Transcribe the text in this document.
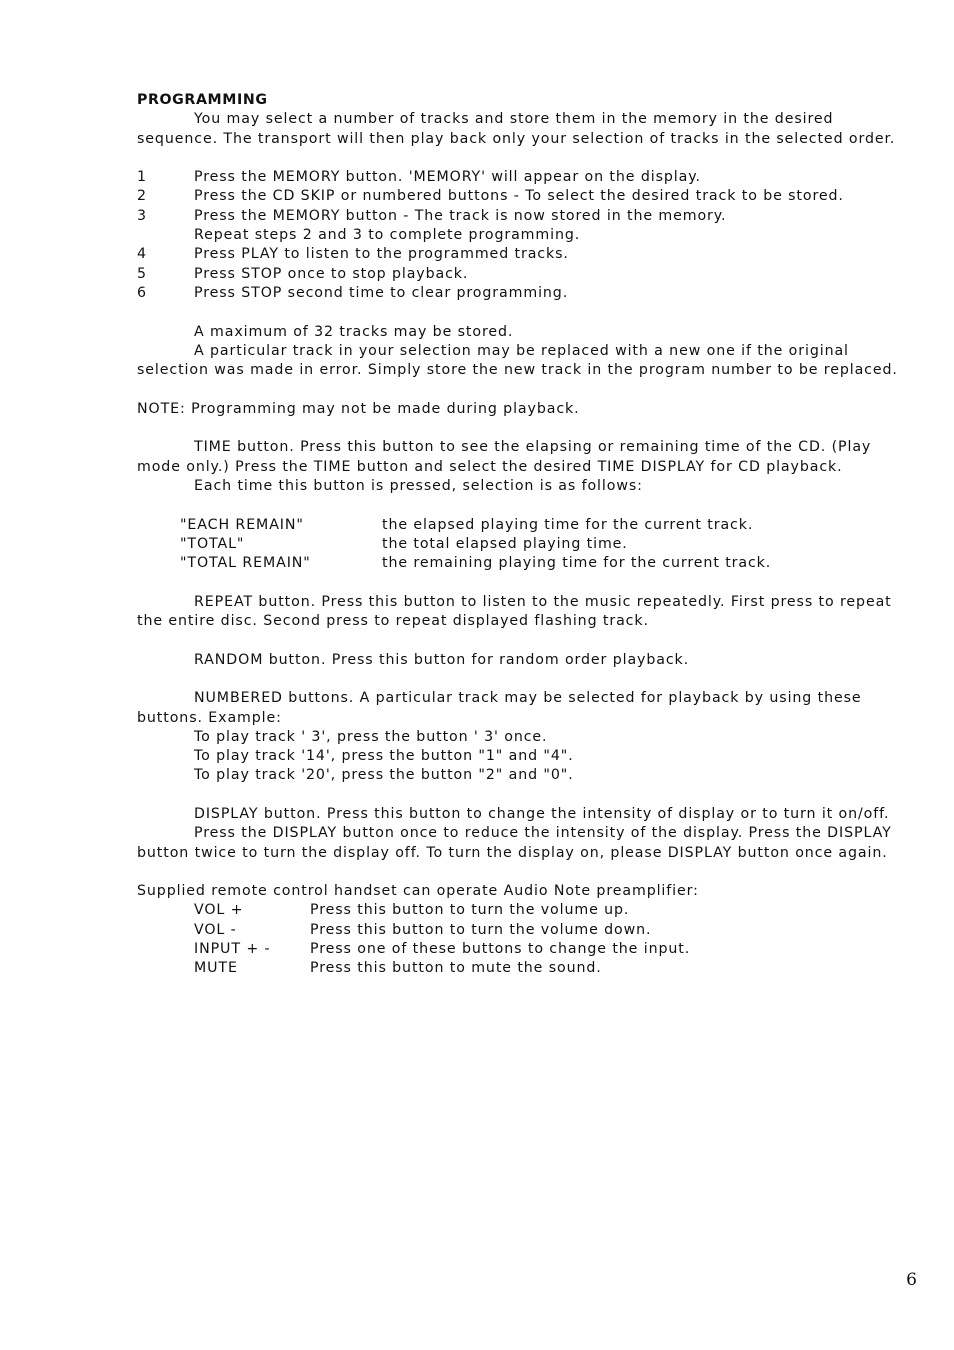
PROGRAMMING

You may select a number of tracks and store them in the memory in the desired sequence. The transport will then play back only your selection of tracks in the selected order.

1	Press the MEMORY button. 'MEMORY' will appear on the display.
2	Press the CD SKIP or numbered buttons - To select the desired track to be stored.
3	Press the MEMORY button - The track is now stored in the memory.
Repeat steps 2 and 3 to complete programming.
4	Press PLAY to listen to the programmed tracks.
5	Press STOP once to stop playback.
6	Press STOP second time to clear programming.

A maximum of 32 tracks may be stored.

A particular track in your selection may be replaced with a new one if the original selection was made in error. Simply store the new track in the program number to be replaced.

NOTE: Programming may not be made during playback.

TIME button. Press this button to see the elapsing or remaining time of the CD. (Play mode only.) Press the TIME button and select the desired TIME DISPLAY for CD playback.

Each time this button is pressed, selection is as follows:

"EACH REMAIN"	the elapsed playing time for the current track.
"TOTAL"	the total elapsed playing time.
"TOTAL REMAIN"	the remaining playing time for the current track.

REPEAT button. Press this button to listen to the music repeatedly. First press to repeat the entire disc. Second press to repeat displayed flashing track.

RANDOM button. Press this button for random order playback.

NUMBERED buttons. A particular track may be selected for playback by using these buttons. Example:

To play track ' 3', press the button ' 3' once.

To play track '14', press the button "1" and "4".

To play track '20', press the button "2" and "0".

DISPLAY button. Press this button to change the intensity of display or to turn it on/off.

Press the DISPLAY button once to reduce the intensity of the display. Press the DISPLAY button twice to turn the display off. To turn the display on, please DISPLAY button once again.

Supplied remote control handset can operate Audio Note preamplifier:

VOL +	Press this button to turn the volume up.
VOL -	Press this button to turn the volume down.
INPUT + -	Press one of these buttons to change the input.
MUTE	Press this button to mute the sound.
6
